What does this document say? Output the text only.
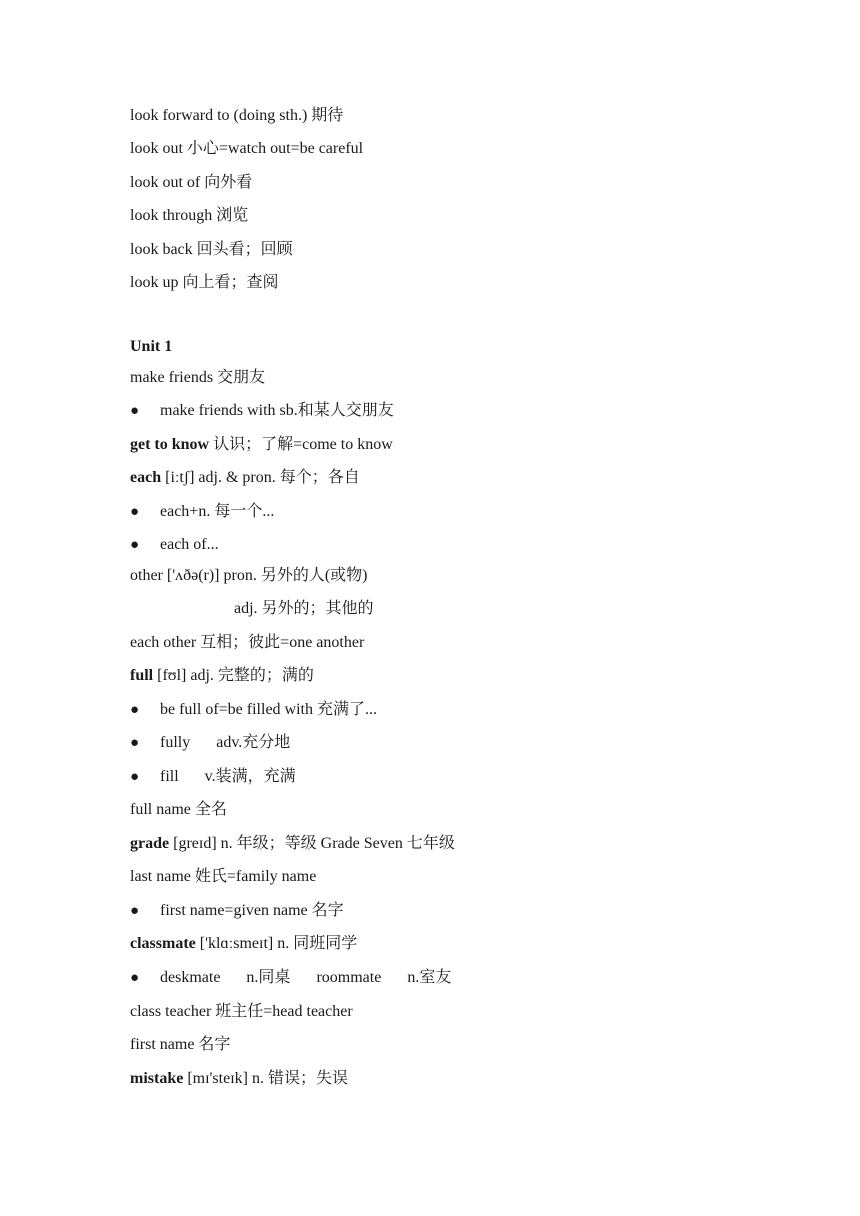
look forward to (doing sth.) 期待
look out 小心=watch out=be careful
look out of 向外看
look through 浏览
look back 回头看；回顾
look up 向上看；查阅
Unit 1
make friends 交朋友
● make friends with sb.和某人交朋友
get to know 认识；了解=come to know
each [iːtʃ] adj. & pron. 每个；各自
● each+n. 每一个...
● each of...
other ['ʌðə(r)] pron. 另外的人(或物)
adj. 另外的；其他的
each other 互相；彼此=one another
full [fʊl] adj. 完整的；满的
● be full of=be filled with 充满了...
● fully adv.充分地
● fill v.装满，充满
full name 全名
grade [greɪd] n. 年级；等级 Grade Seven 七年级
last name 姓氏=family name
● first name=given name 名字
classmate ['klɑːsmeɪt] n. 同班同学
● deskmate n.同桌 roommate n.室友
class teacher 班主任=head teacher
first name 名字
mistake [mɪ'steɪk] n. 错误；失误
